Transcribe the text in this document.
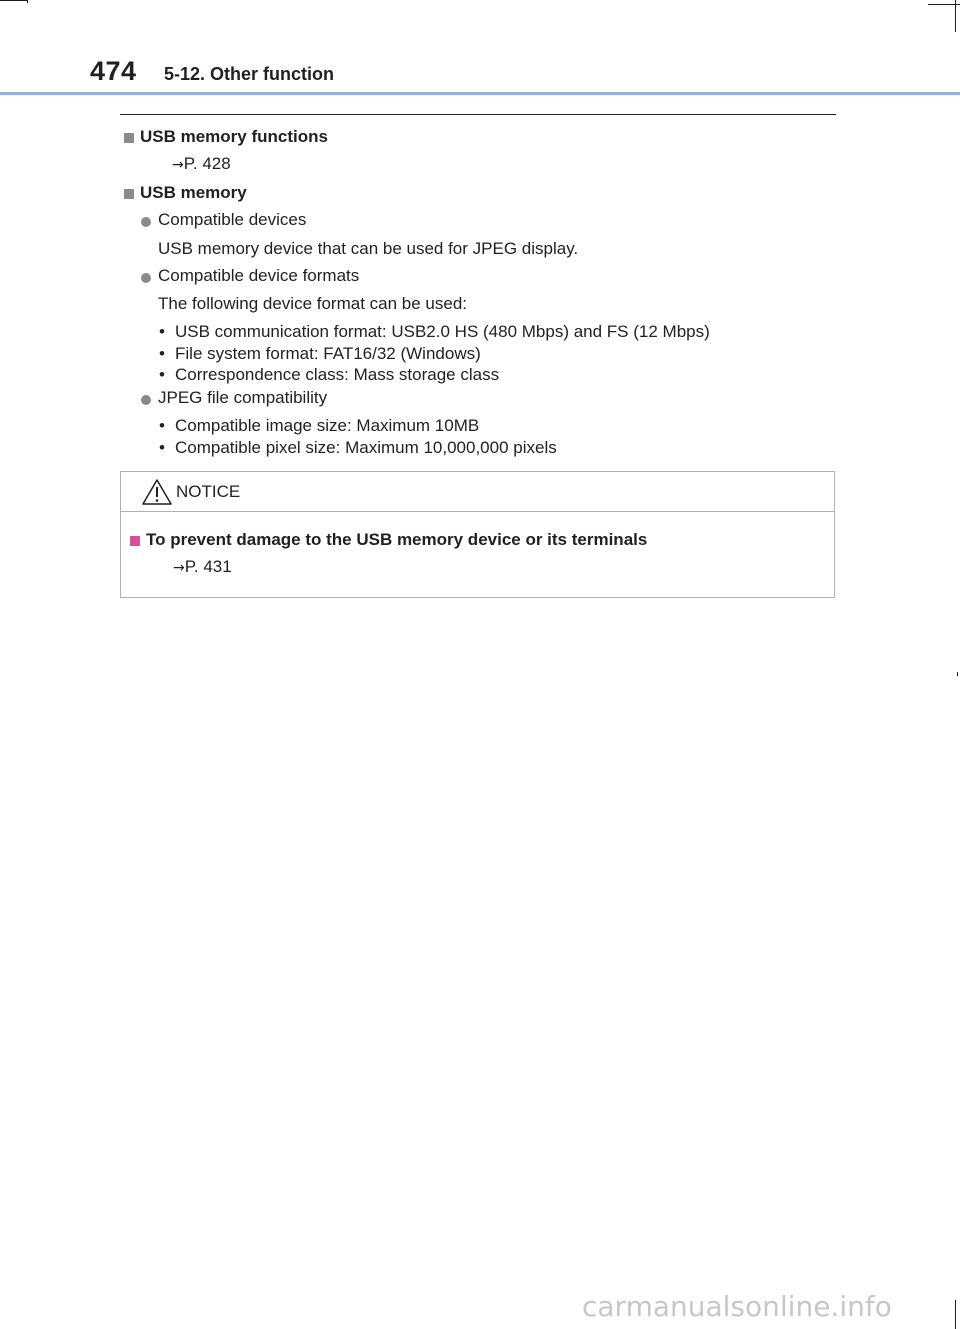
474 5-12. Other function
USB memory functions
→P. 428
USB memory
Compatible devices
USB memory device that can be used for JPEG display.
Compatible device formats
The following device format can be used:
• USB communication format: USB2.0 HS (480 Mbps) and FS (12 Mbps)
• File system format: FAT16/32 (Windows)
• Correspondence class: Mass storage class
JPEG file compatibility
• Compatible image size: Maximum 10MB
• Compatible pixel size: Maximum 10,000,000 pixels
NOTICE
To prevent damage to the USB memory device or its terminals
→P. 431
carmanualsonline.info
